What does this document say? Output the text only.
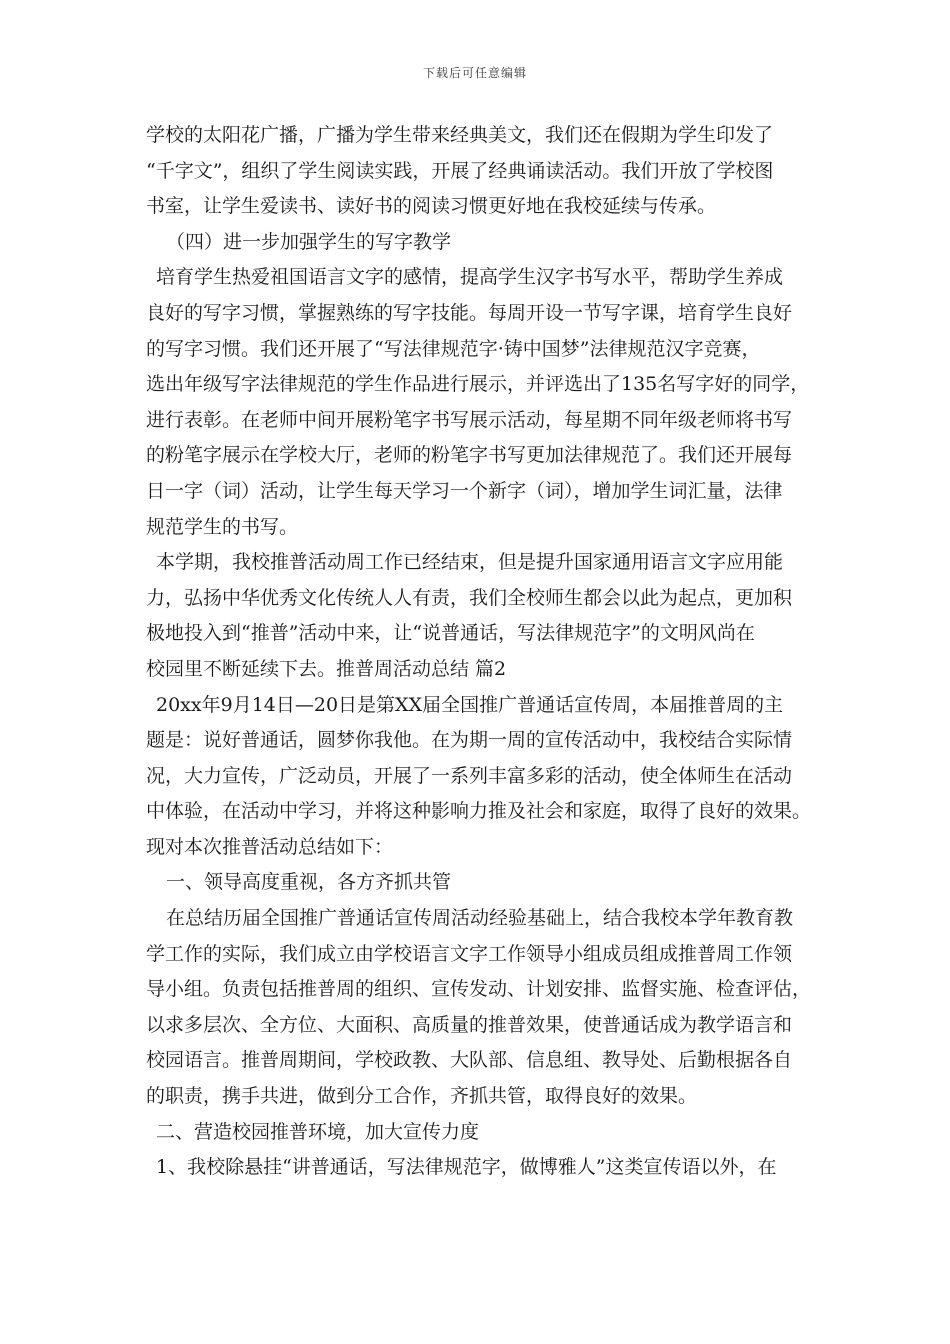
下载后可任意编辑
学校的太阳花广播，广播为学生带来经典美文，我们还在假期为学生印发了
“千字文”，组织了学生阅读实践，开展了经典诵读活动。我们开放了学校图
书室，让学生爱读书、读好书的阅读习惯更好地在我校延续与传承。
（四）进一步加强学生的写字教学
培育学生热爱祖国语言文字的感情，提高学生汉字书写水平，帮助学生养成
良好的写字习惯，掌握熟练的写字技能。每周开设一节写字课，培育学生良好
的写字习惯。我们还开展了“写法律规范字·铸中国梦”法律规范汉字竞赛，
选出年级写字法律规范的学生作品进行展示，并评选出了135名写字好的同学，
进行表彰。在老师中间开展粉笔字书写展示活动，每星期不同年级老师将书写
的粉笔字展示在学校大厅，老师的粉笔字书写更加法律规范了。我们还开展每
日一字（词）活动，让学生每天学习一个新字（词），增加学生词汇量，法律
规范学生的书写。
本学期，我校推普活动周工作已经结束，但是提升国家通用语言文字应用能
力，弘扬中华优秀文化传统人人有责，我们全校师生都会以此为起点，更加积
极地投入到“推普”活动中来，让“说普通话，写法律规范字”的文明风尚在
校园里不断延续下去。推普周活动总结 篇2
20xx年9月14日—20日是第XX届全国推广普通话宣传周，本届推普周的主
题是：说好普通话，圆梦你我他。在为期一周的宣传活动中，我校结合实际情
况，大力宣传，广泛动员，开展了一系列丰富多彩的活动，使全体师生在活动
中体验，在活动中学习，并将这种影响力推及社会和家庭，取得了良好的效果。
现对本次推普活动总结如下：
一、领导高度重视，各方齐抓共管
在总结历届全国推广普通话宣传周活动经验基础上，结合我校本学年教育教
学工作的实际，我们成立由学校语言文字工作领导小组成员组成推普周工作领
导小组。负责包括推普周的组织、宣传发动、计划安排、监督实施、检查评估，
以求多层次、全方位、大面积、高质量的推普效果，使普通话成为教学语言和
校园语言。推普周期间，学校政教、大队部、信息组、教导处、后勤根据各自
的职责，携手共进，做到分工合作，齐抓共管，取得良好的效果。
二、营造校园推普环境，加大宣传力度
1、我校除悬挂“讲普通话，写法律规范字，做博雅人”这类宣传语以外，在
